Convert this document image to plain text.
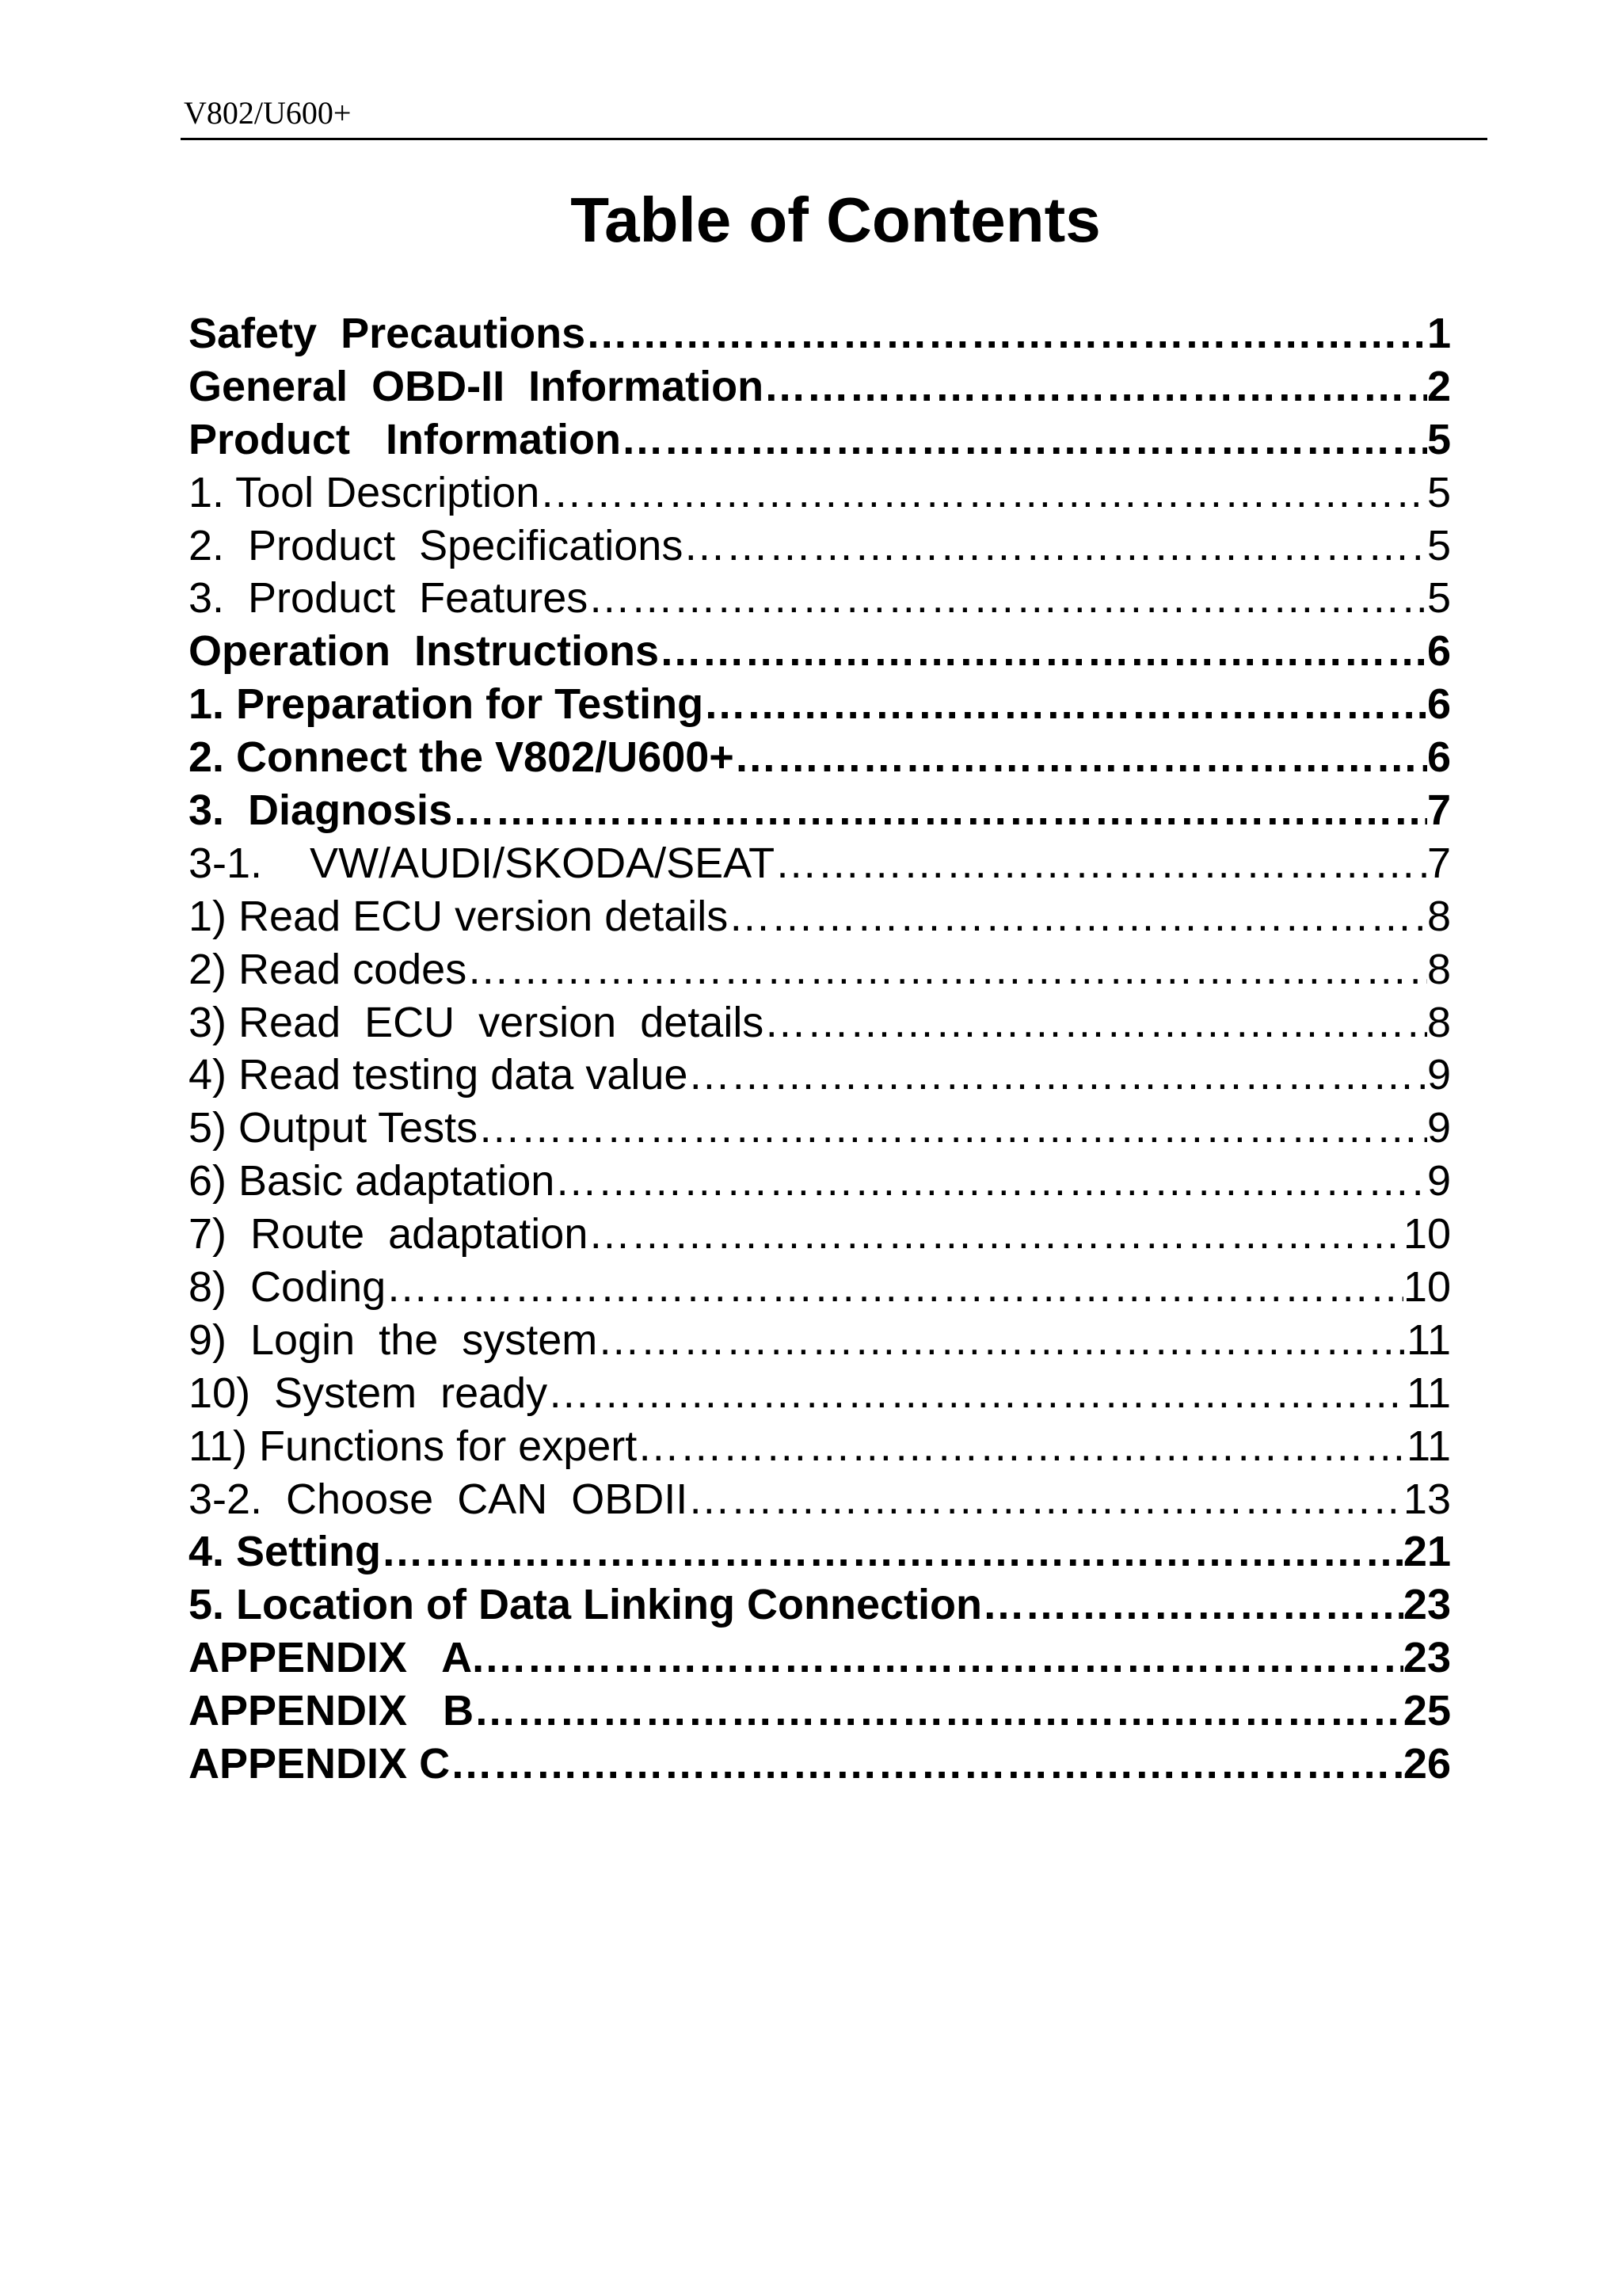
V802/U600+
Table of Contents
Safety  Precautions ………………………………………………………………………………………………………………………………………………………………	1
General  OBD-II  Information ………………………………………………………………………………………………………………………………………………………………	2
Product   Information ………………………………………………………………………………………………………………………………………………………………	5
1. Tool Description ………………………………………………………………………………………………………………………………………………………………	5
2.  Product  Specifications ………………………………………………………………………………………………………………………………………………………………	5
3.  Product  Features ………………………………………………………………………………………………………………………………………………………………	5
Operation  Instructions ………………………………………………………………………………………………………………………………………………………………	6
1. Preparation for Testing ………………………………………………………………………………………………………………………………………………………………	6
2. Connect the V802/U600+ ………………………………………………………………………………………………………………………………………………………………	6
3.  Diagnosis ………………………………………………………………………………………………………………………………………………………………	7
3-1.    VW/AUDI/SKODA/SEAT ………………………………………………………………………………………………………………………………………………………………	7
1) Read ECU version details ………………………………………………………………………………………………………………………………………………………………	8
2) Read codes ………………………………………………………………………………………………………………………………………………………………	8
3) Read  ECU  version  details ………………………………………………………………………………………………………………………………………………………………	8
4) Read testing data value ………………………………………………………………………………………………………………………………………………………………	9
5) Output Tests ………………………………………………………………………………………………………………………………………………………………	9
6) Basic adaptation ………………………………………………………………………………………………………………………………………………………………	9
7)  Route  adaptation ………………………………………………………………………………………………………………………………………………………………	10
8)  Coding ………………………………………………………………………………………………………………………………………………………………	10
9)  Login  the  system ………………………………………………………………………………………………………………………………………………………………	11
10)  System  ready ………………………………………………………………………………………………………………………………………………………………	11
11) Functions for expert ………………………………………………………………………………………………………………………………………………………………	11
3-2.  Choose  CAN  OBDII ………………………………………………………………………………………………………………………………………………………………	13
4. Setting ………………………………………………………………………………………………………………………………………………………………	21
5. Location of Data Linking Connection ………………………………………………………………………………………………………………………………………………………………	23
APPENDIX   A. ………………………………………………………………………………………………………………………………………………………………	23
APPENDIX   B ………………………………………………………………………………………………………………………………………………………………	25
APPENDIX C ………………………………………………………………………………………………………………………………………………………………	26
